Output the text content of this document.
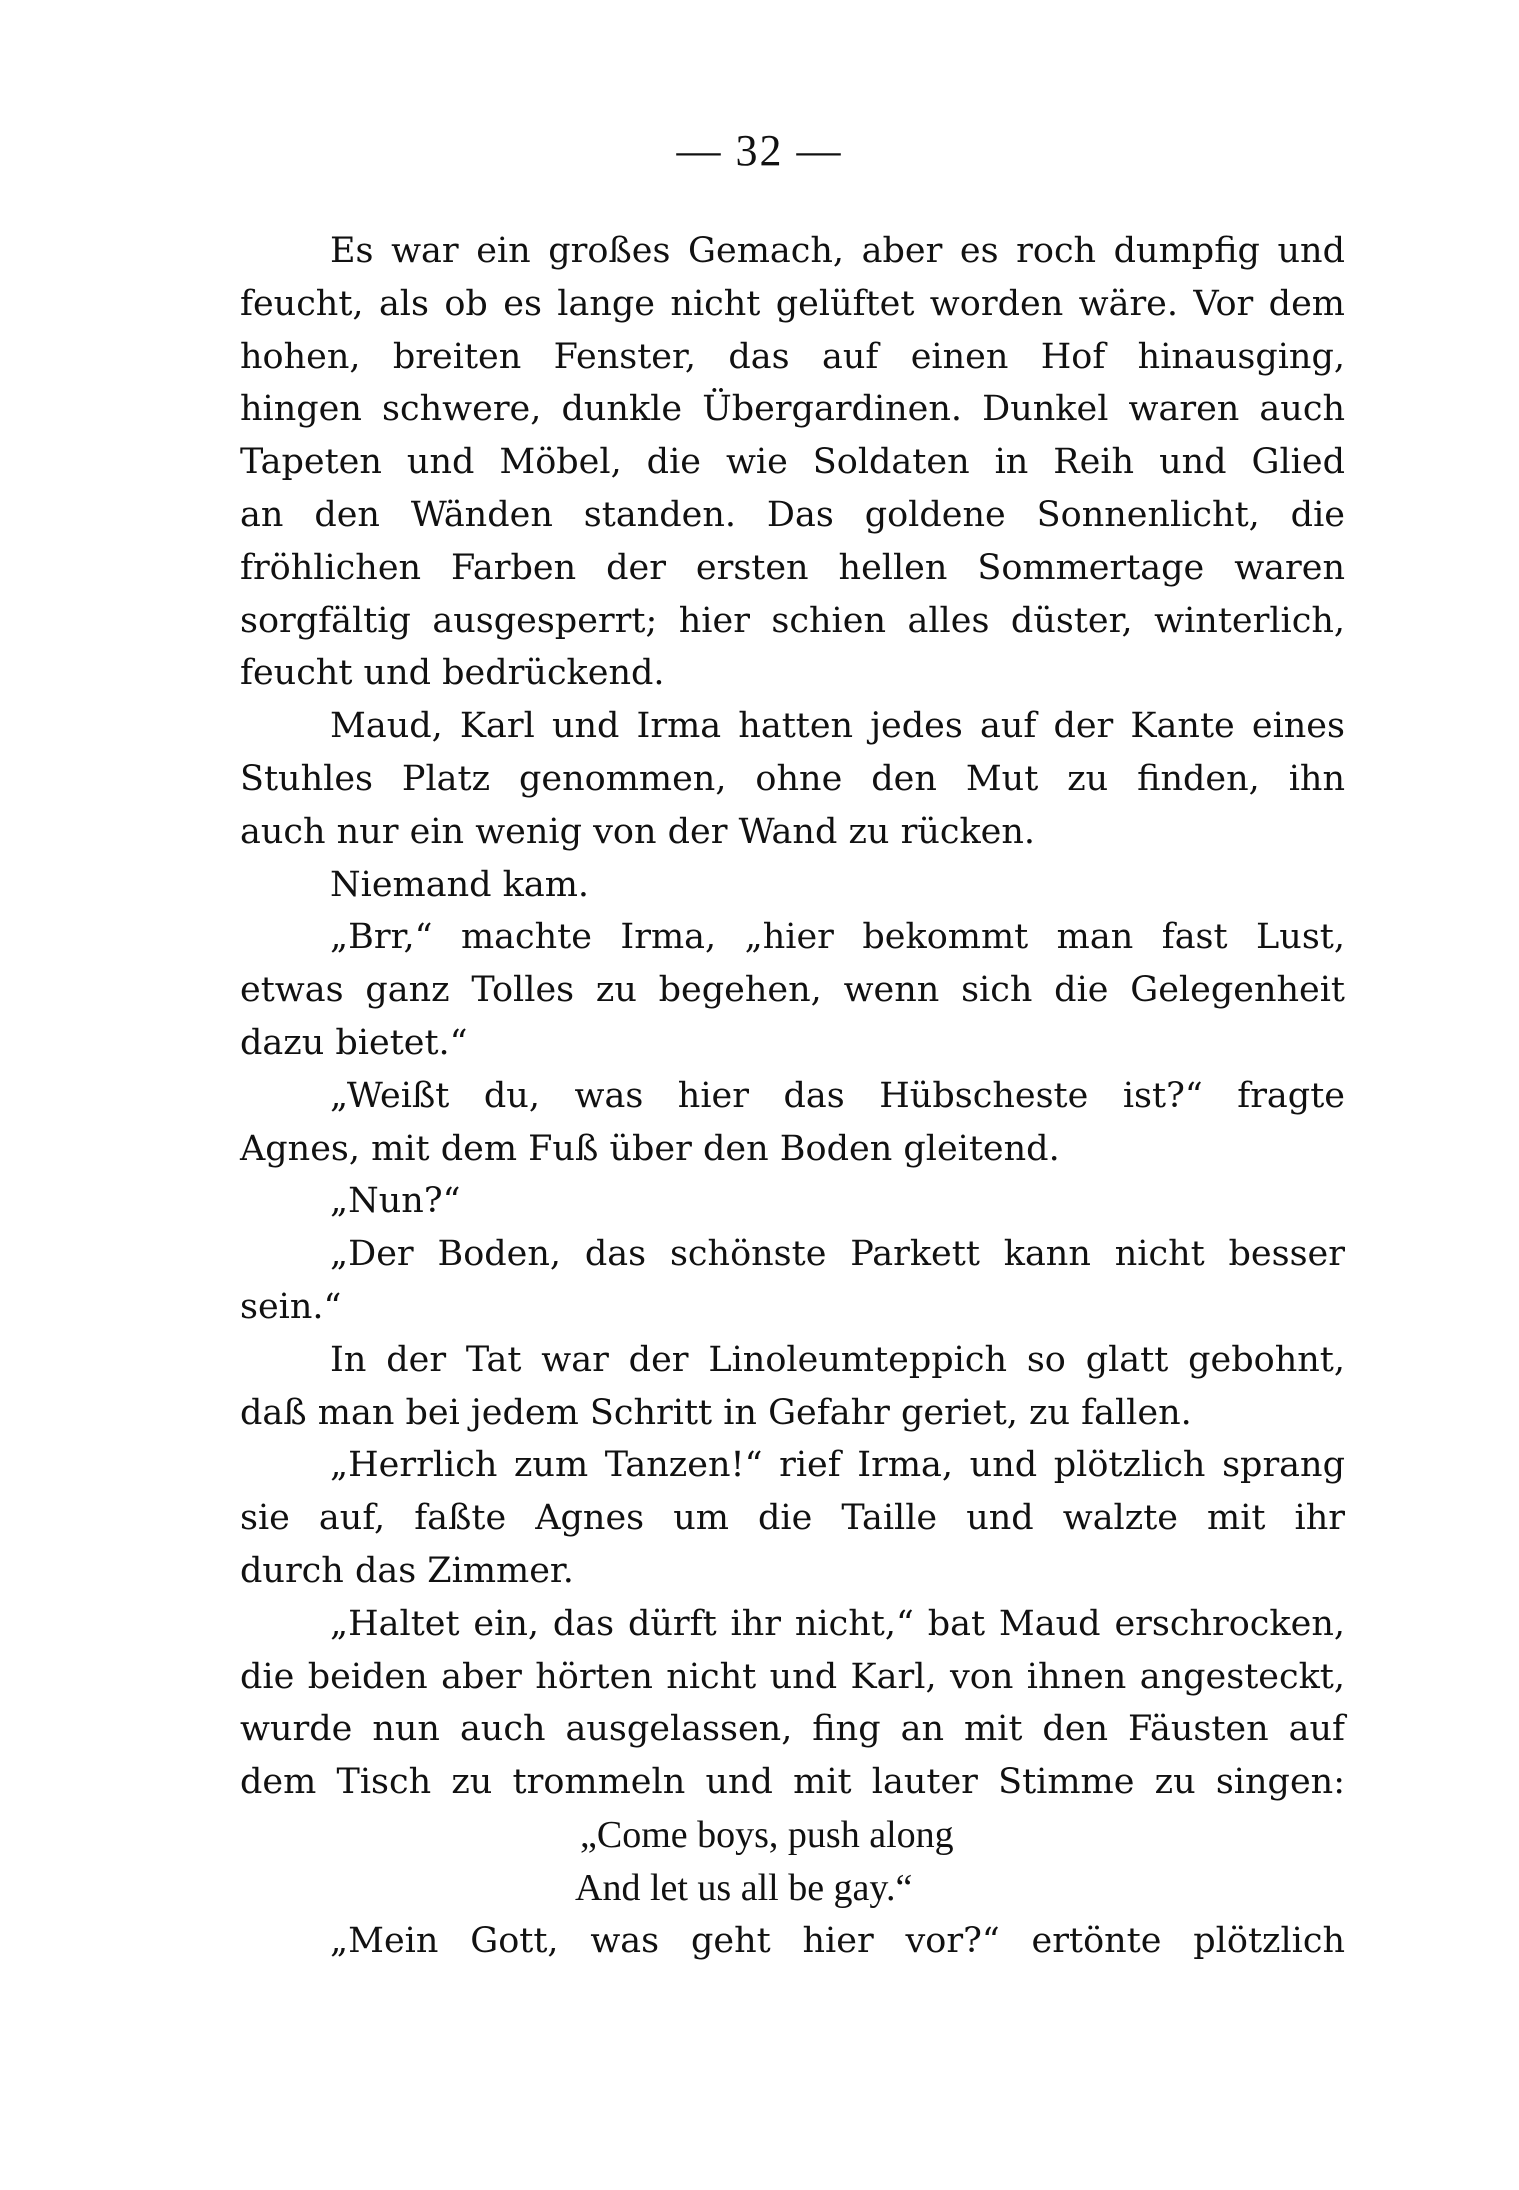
— 32 —
Es war ein großes Gemach, aber es roch dumpfig und
feucht, als ob es lange nicht gelüftet worden wäre. Vor dem
hohen, breiten Fenster, das auf einen Hof hinausging,
hingen schwere, dunkle Übergardinen. Dunkel waren auch
Tapeten und Möbel, die wie Soldaten in Reih und Glied
an den Wänden standen. Das goldene Sonnenlicht, die
fröhlichen Farben der ersten hellen Sommertage waren
sorgfältig ausgesperrt; hier schien alles düster, winterlich,
feucht und bedrückend.
Maud, Karl und Irma hatten jedes auf der Kante eines
Stuhles Platz genommen, ohne den Mut zu finden, ihn
auch nur ein wenig von der Wand zu rücken.
Niemand kam.
„Brr,“ machte Irma, „hier bekommt man fast Lust,
etwas ganz Tolles zu begehen, wenn sich die Gelegenheit
dazu bietet.“
„Weißt du, was hier das Hübscheste ist?“ fragte
Agnes, mit dem Fuß über den Boden gleitend.
„Nun?“
„Der Boden, das schönste Parkett kann nicht besser
sein.“
In der Tat war der Linoleumteppich so glatt gebohnt,
daß man bei jedem Schritt in Gefahr geriet, zu fallen.
„Herrlich zum Tanzen!“ rief Irma, und plötzlich sprang
sie auf, faßte Agnes um die Taille und walzte mit ihr
durch das Zimmer.
„Haltet ein, das dürft ihr nicht,“ bat Maud erschrocken,
die beiden aber hörten nicht und Karl, von ihnen angesteckt,
wurde nun auch ausgelassen, fing an mit den Fäusten auf
dem Tisch zu trommeln und mit lauter Stimme zu singen:
„Come boys, push along
And let us all be gay.“
„Mein Gott, was geht hier vor?“ ertönte plötzlich
